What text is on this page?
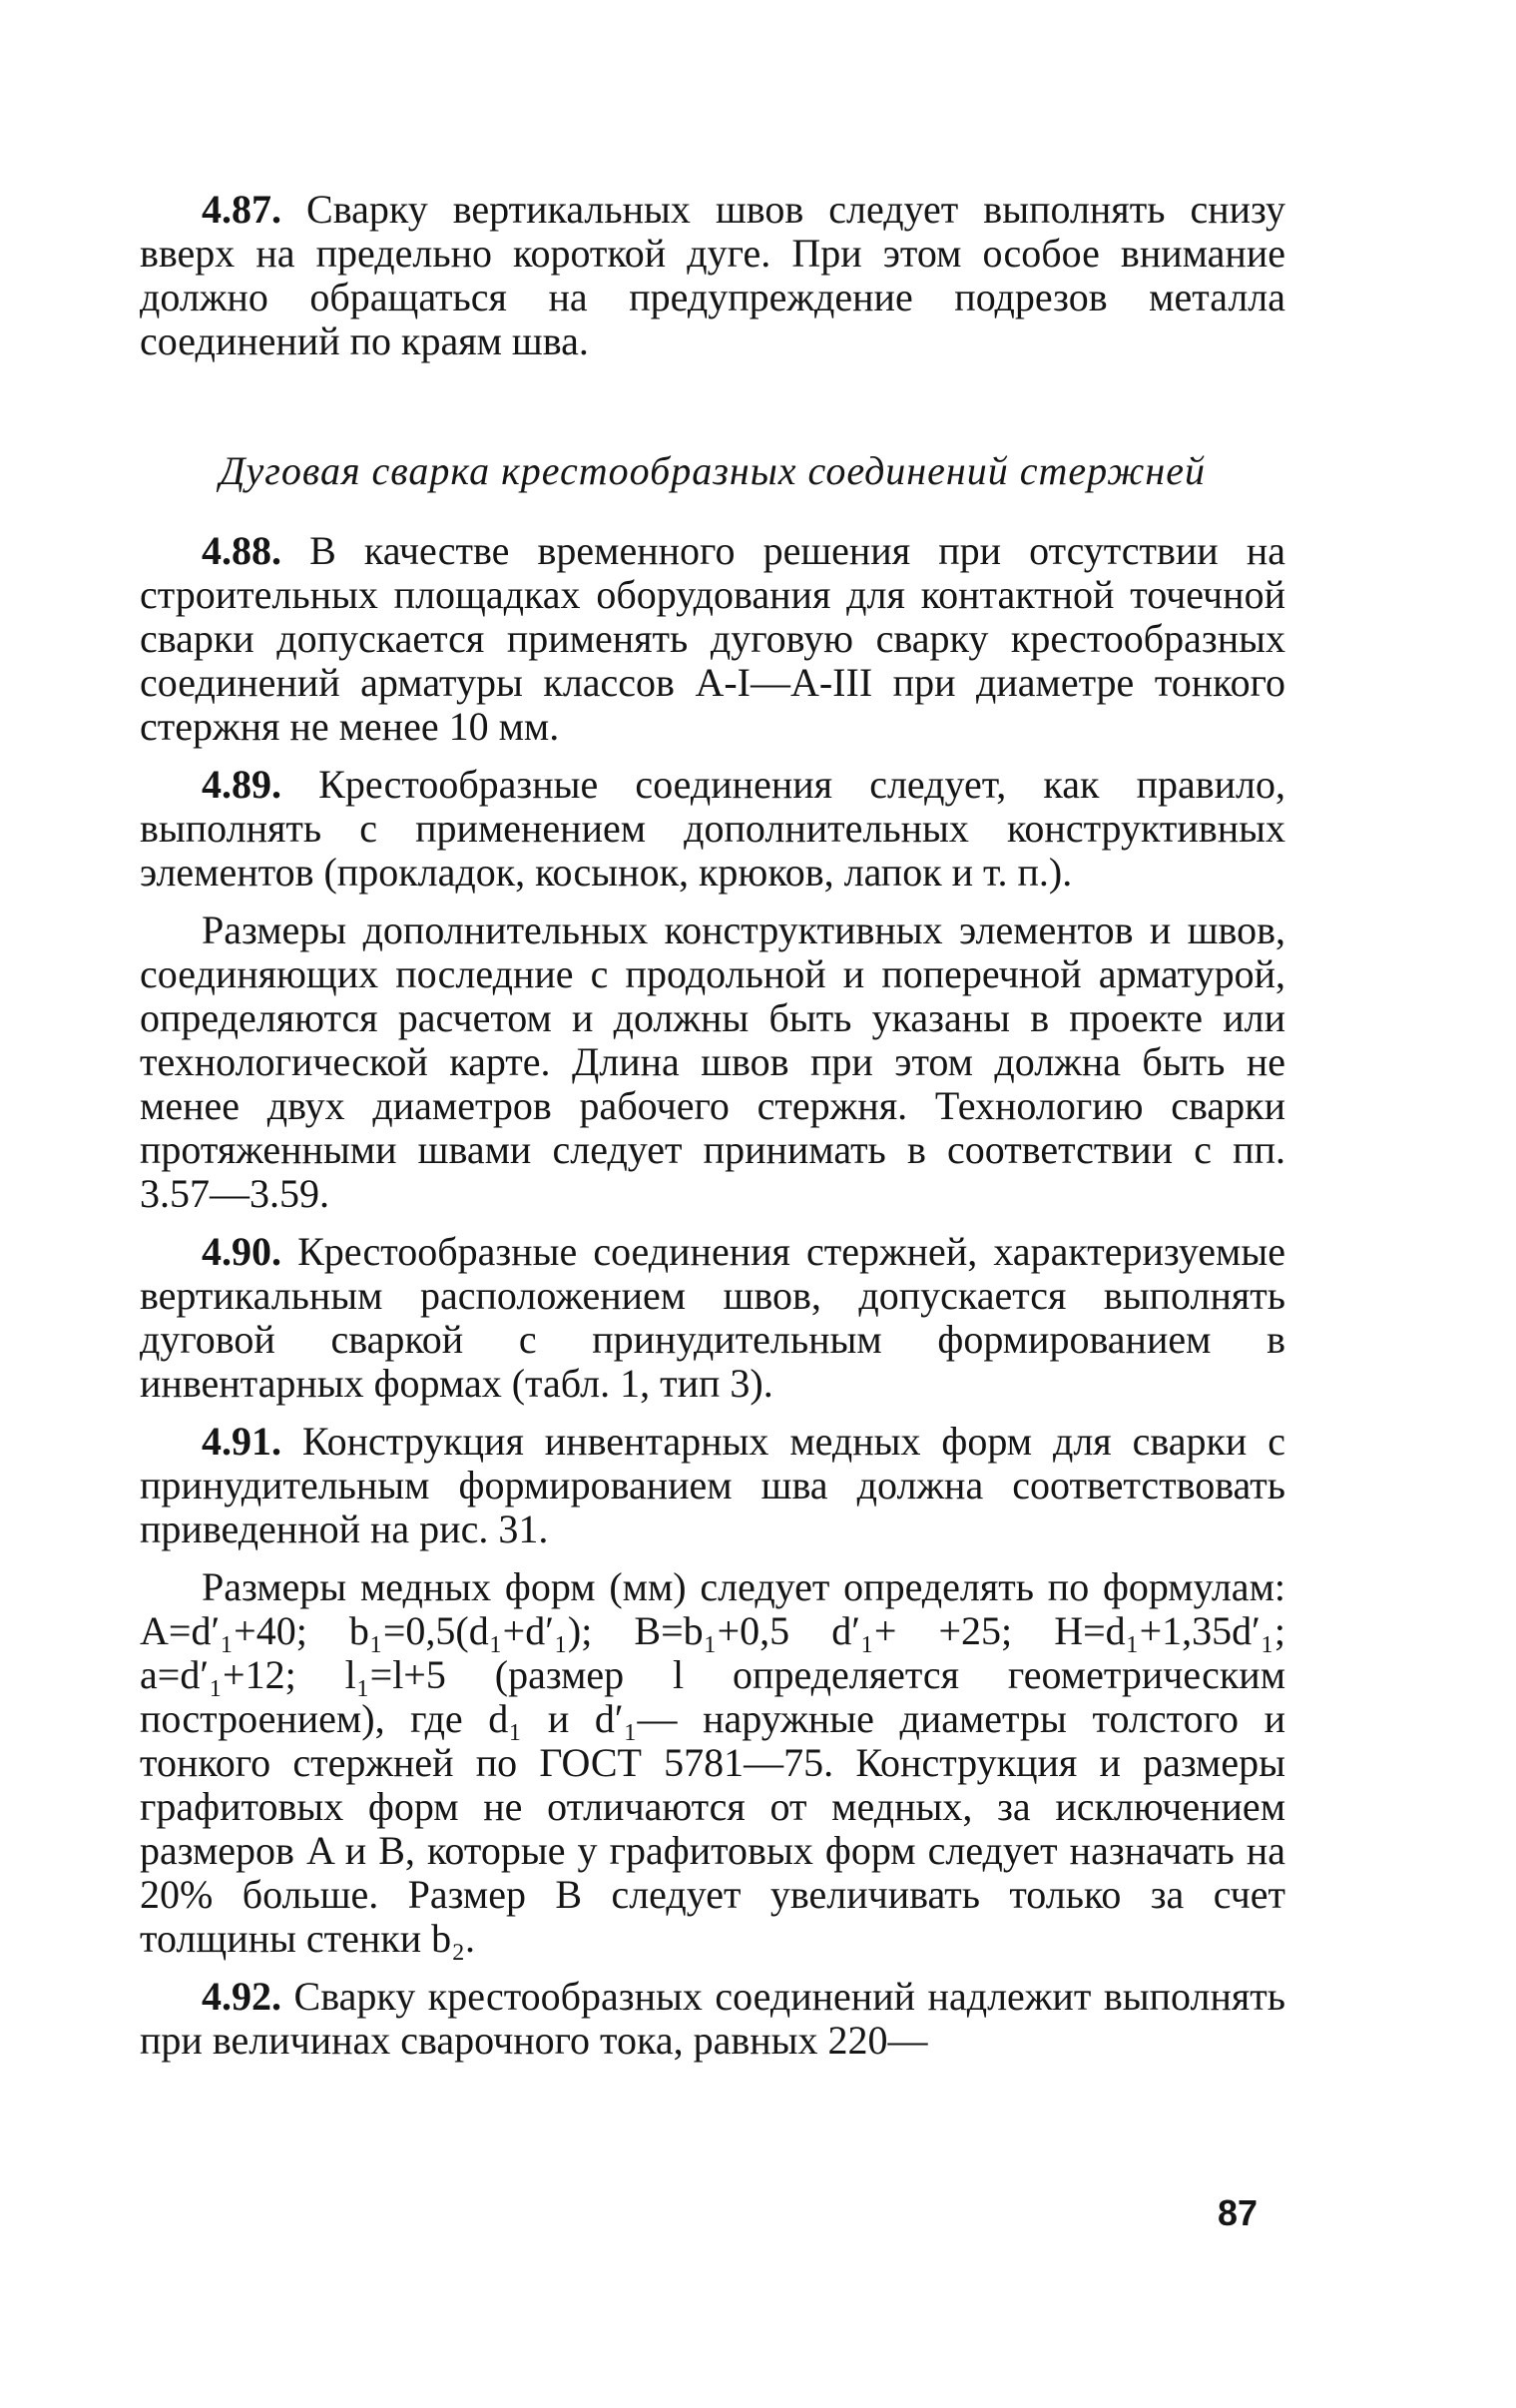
4.87. Сварку вертикальных швов следует выполнять снизу вверх на предельно короткой дуге. При этом особое внимание должно обращаться на предупреждение подрезов металла соединений по краям шва.

Дуговая сварка крестообразных соединений стержней

4.88. В качестве временного решения при отсутствии на строительных площадках оборудования для контактной точечной сварки допускается применять дуговую сварку крестообразных соединений арматуры классов А-I—А-III при диаметре тонкого стержня не менее 10 мм.

4.89. Крестообразные соединения следует, как правило, выполнять с применением дополнительных конструктивных элементов (прокладок, косынок, крюков, лапок и т. п.).

Размеры дополнительных конструктивных элементов и швов, соединяющих последние с продольной и поперечной арматурой, определяются расчетом и должны быть указаны в проекте или технологической карте. Длина швов при этом должна быть не менее двух диаметров рабочего стержня. Технологию сварки протяженными швами следует принимать в соответствии с пп. 3.57—3.59.

4.90. Крестообразные соединения стержней, характеризуемые вертикальным расположением швов, допускается выполнять дуговой сваркой с принудительным формированием в инвентарных формах (табл. 1, тип 3).

4.91. Конструкция инвентарных медных форм для сварки с принудительным формированием шва должна соответствовать приведенной на рис. 31.

Размеры медных форм (мм) следует определять по формулам: A=d′₁+40; b₁=0,5(d₁+d′₁); B=b₁+0,5 d′₁+ +25; H=d₁+1,35d′₁; a=d′₁+12; l₁=l+5 (размер l определяется геометрическим построением), где d₁ и d′₁— наружные диаметры толстого и тонкого стержней по ГОСТ 5781—75. Конструкция и размеры графитовых форм не отличаются от медных, за исключением размеров A и B, которые у графитовых форм следует назначать на 20% больше. Размер B следует увеличивать только за счет толщины стенки b₂.

4.92. Сварку крестообразных соединений надлежит выполнять при величинах сварочного тока, равных 220—

87
